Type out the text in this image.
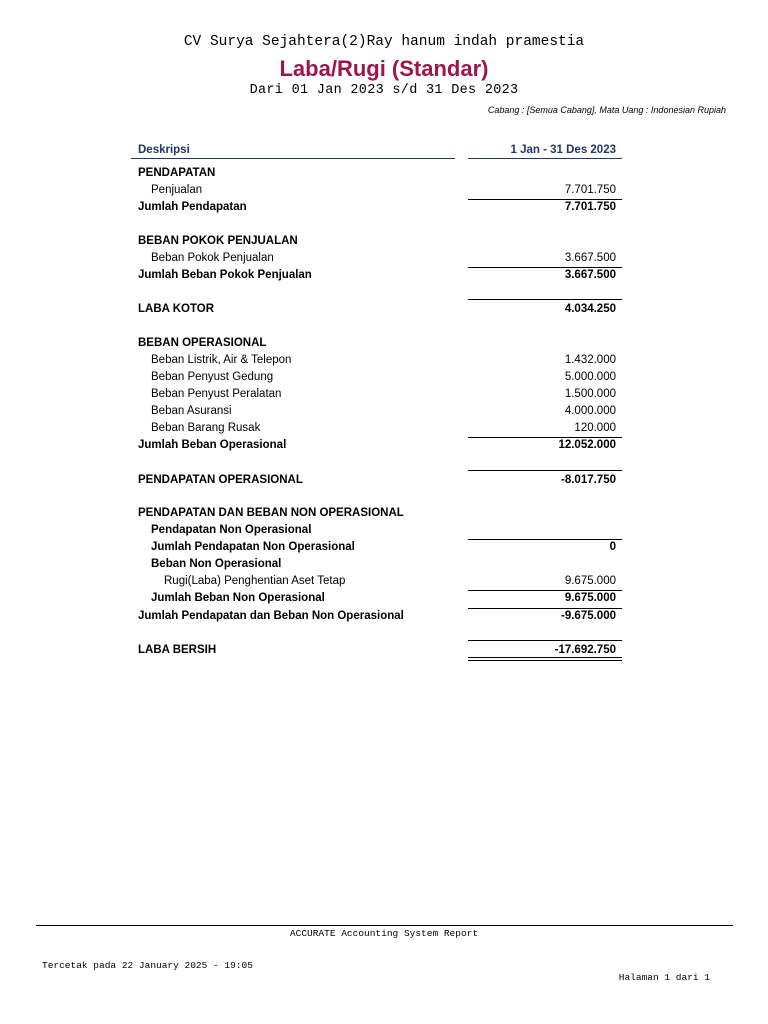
CV Surya Sejahtera(2)Ray hanum indah pramestia
Laba/Rugi (Standar)
Dari 01 Jan 2023 s/d 31 Des 2023
Cabang : [Semua Cabang], Mata Uang : Indonesian Rupiah
Deskripsi	1 Jan - 31 Des 2023
PENDAPATAN
Penjualan	7.701.750
Jumlah Pendapatan	7.701.750
BEBAN POKOK PENJUALAN
Beban Pokok Penjualan	3.667.500
Jumlah Beban Pokok Penjualan	3.667.500
LABA KOTOR	4.034.250
BEBAN OPERASIONAL
Beban Listrik, Air & Telepon	1.432.000
Beban Penyust Gedung	5.000.000
Beban Penyust Peralatan	1.500.000
Beban Asuransi	4.000.000
Beban Barang Rusak	120.000
Jumlah Beban Operasional	12.052.000
PENDAPATAN OPERASIONAL	-8.017.750
PENDAPATAN DAN BEBAN NON OPERASIONAL
Pendapatan Non Operasional
Jumlah Pendapatan Non Operasional	0
Beban Non Operasional
Rugi(Laba) Penghentian Aset Tetap	9.675.000
Jumlah Beban Non Operasional	9.675.000
Jumlah Pendapatan dan Beban Non Operasional	-9.675.000
LABA BERSIH	-17.692.750
ACCURATE Accounting System Report
Tercetak pada 22 January 2025 - 19:05
Halaman 1 dari 1
